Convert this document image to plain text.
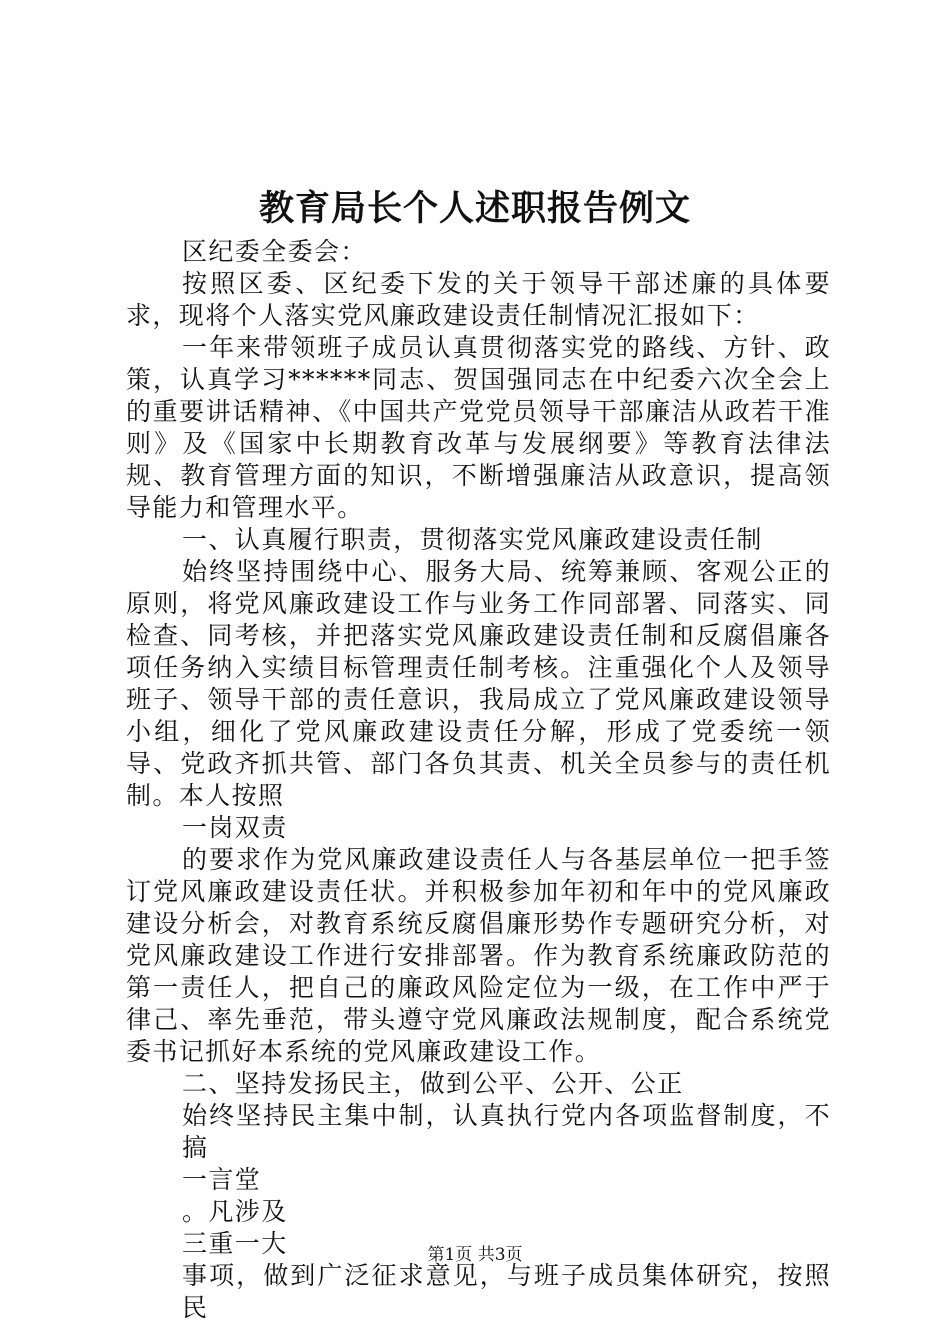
教育局长个人述职报告例文

区纪委全委会：

按照区委、区纪委下发的关于领导干部述廉的具体要求，现将个人落实党风廉政建设责任制情况汇报如下：

一年来带领班子成员认真贯彻落实党的路线、方针、政策，认真学习******同志、贺国强同志在中纪委六次全会上的重要讲话精神、《中国共产党党员领导干部廉洁从政若干准则》及《国家中长期教育改革与发展纲要》等教育法律法规、教育管理方面的知识，不断增强廉洁从政意识，提高领导能力和管理水平。

一、认真履行职责，贯彻落实党风廉政建设责任制

始终坚持围绕中心、服务大局、统筹兼顾、客观公正的原则，将党风廉政建设工作与业务工作同部署、同落实、同检查、同考核，并把落实党风廉政建设责任制和反腐倡廉各项任务纳入实绩目标管理责任制考核。注重强化个人及领导班子、领导干部的责任意识，我局成立了党风廉政建设领导小组，细化了党风廉政建设责任分解，形成了党委统一领导、党政齐抓共管、部门各负其责、机关全员参与的责任机制。本人按照

一岗双责

的要求作为党风廉政建设责任人与各基层单位一把手签订党风廉政建设责任状。并积极参加年初和年中的党风廉政建设分析会，对教育系统反腐倡廉形势作专题研究分析，对党风廉政建设工作进行安排部署。作为教育系统廉政防范的第一责任人，把自己的廉政风险定位为一级，在工作中严于律己、率先垂范，带头遵守党风廉政法规制度，配合系统党委书记抓好本系统的党风廉政建设工作。

二、坚持发扬民主，做到公平、公开、公正

始终坚持民主集中制，认真执行党内各项监督制度，不搞

一言堂

。凡涉及

三重一大

事项，做到广泛征求意见，与班子成员集体研究，按照民

第1页 共3页
